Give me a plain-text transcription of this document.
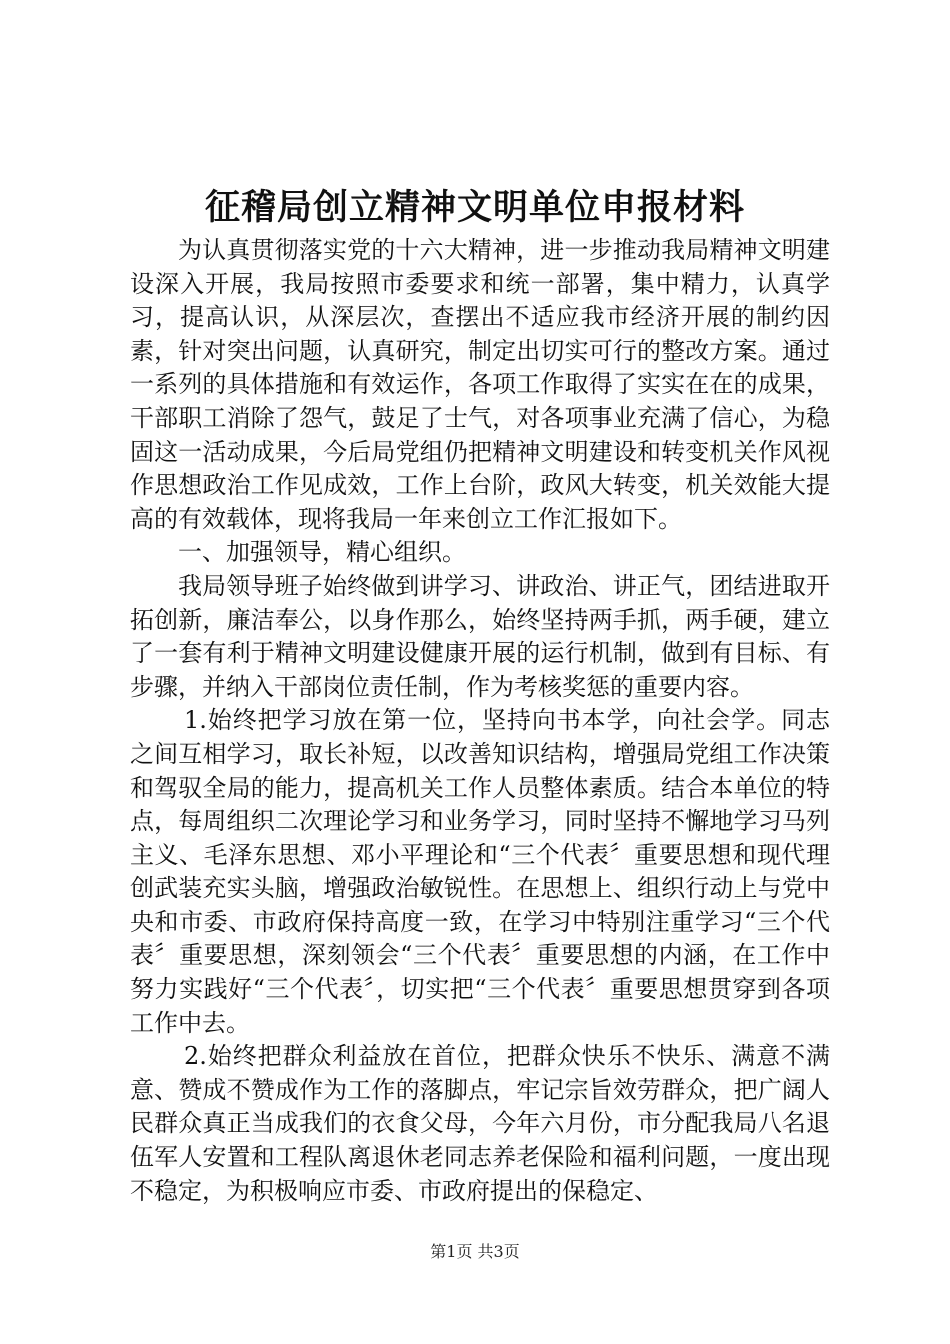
征稽局创立精神文明单位申报材料

为认真贯彻落实党的十六大精神，进一步推动我局精神文明建设深入开展，我局按照市委要求和统一部署，集中精力，认真学习，提高认识，从深层次，查摆出不适应我市经济开展的制约因素，针对突出问题，认真研究，制定出切实可行的整改方案。通过一系列的具体措施和有效运作，各项工作取得了实实在在的成果，干部职工消除了怨气，鼓足了士气，对各项事业充满了信心，为稳固这一活动成果，今后局党组仍把精神文明建设和转变机关作风视作思想政治工作见成效，工作上台阶，政风大转变，机关效能大提高的有效载体，现将我局一年来创立工作汇报如下。

一、加强领导，精心组织。

我局领导班子始终做到讲学习、讲政治、讲正气，团结进取开拓创新，廉洁奉公，以身作那么，始终坚持两手抓，两手硬，建立了一套有利于精神文明建设健康开展的运行机制，做到有目标、有步骤，并纳入干部岗位责任制，作为考核奖惩的重要内容。

1.始终把学习放在第一位，坚持向书本学，向社会学。同志之间互相学习，取长补短，以改善知识结构，增强局党组工作决策和驾驭全局的能力，提高机关工作人员整体素质。结合本单位的特点，每周组织二次理论学习和业务学习，同时坚持不懈地学习马列主义、毛泽东思想、邓小平理论和“三个代表〞重要思想和现代理创武装充实头脑，增强政治敏锐性。在思想上、组织行动上与党中央和市委、市政府保持高度一致，在学习中特别注重学习“三个代表〞重要思想，深刻领会“三个代表〞重要思想的内涵，在工作中努力实践好“三个代表〞，切实把“三个代表〞重要思想贯穿到各项工作中去。

2.始终把群众利益放在首位，把群众快乐不快乐、满意不满意、赞成不赞成作为工作的落脚点，牢记宗旨效劳群众，把广阔人民群众真正当成我们的衣食父母，今年六月份，市分配我局八名退伍军人安置和工程队离退休老同志养老保险和福利问题，一度出现不稳定，为积极响应市委、市政府提出的保稳定、

第1页 共3页
